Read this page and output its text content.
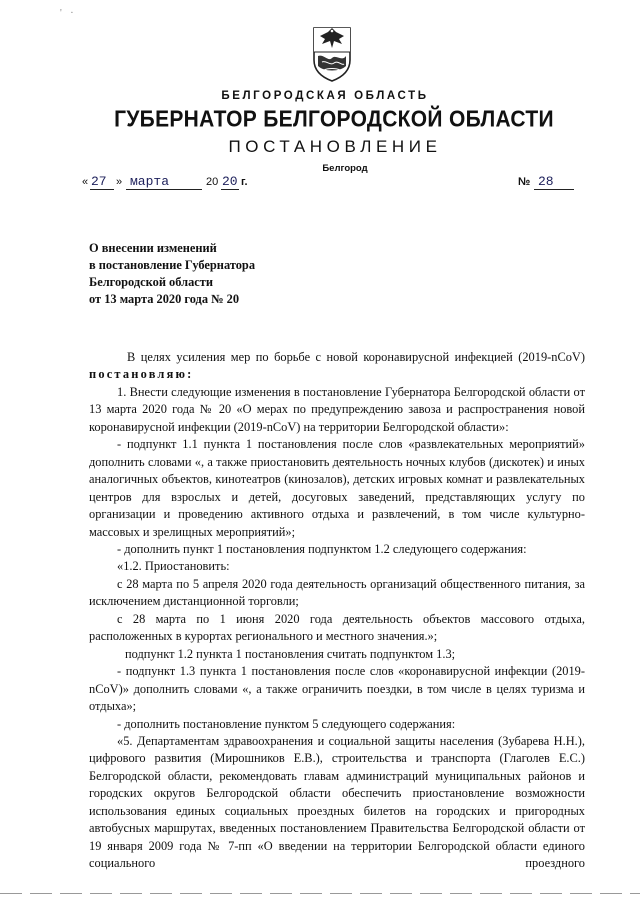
' ·
БЕЛГОРОДСКАЯ ОБЛАСТЬ
ГУБЕРНАТОР БЕЛГОРОДСКОЙ ОБЛАСТИ
ПОСТАНОВЛЕНИЕ
Белгород
« 27 » марта	20 20 г.	№ 28
О внесении изменений
в постановление Губернатора
Белгородской области
от 13 марта 2020 года № 20
В целях усиления мер по борьбе с новой коронавирусной инфекцией (2019-nCoV) постановляю:
1. Внести следующие изменения в постановление Губернатора Белгородской области от 13 марта 2020 года № 20 «О мерах по предупреждению завоза и распространения новой коронавирусной инфекции (2019-nCoV) на территории Белгородской области»:
- подпункт 1.1 пункта 1 постановления после слов «развлекательных мероприятий» дополнить словами «, а также приостановить деятельность ночных клубов (дискотек) и иных аналогичных объектов, кинотеатров (кинозалов), детских игровых комнат и развлекательных центров для взрослых и детей, досуговых заведений, представляющих услугу по организации и проведению активного отдыха и развлечений, в том числе культурно-массовых и зрелищных мероприятий»;
- дополнить пункт 1 постановления подпунктом 1.2 следующего содержания:
«1.2. Приостановить:
с 28 марта по 5 апреля 2020 года деятельность организаций общественного питания, за исключением дистанционной торговли;
с 28 марта по 1 июня 2020 года деятельность объектов массового отдыха, расположенных в курортах регионального и местного значения.»;
подпункт 1.2 пункта 1 постановления считать подпунктом 1.3;
- подпункт 1.3 пункта 1 постановления после слов «коронавирусной инфекции (2019-nCoV)» дополнить словами «, а также ограничить поездки, в том числе в целях туризма и отдыха»;
- дополнить постановление пунктом 5 следующего содержания:
«5. Департаментам здравоохранения и социальной защиты населения (Зубарева Н.Н.), цифрового развития (Мирошников Е.В.), строительства и транспорта (Глаголев Е.С.) Белгородской области, рекомендовать главам администраций муниципальных районов и городских округов Белгородской области обеспечить приостановление возможности использования единых социальных проездных билетов на городских и пригородных автобусных маршрутах, введенных постановлением Правительства Белгородской области от 19 января 2009 года № 7-пп «О введении на территории Белгородской области единого социального проездного
